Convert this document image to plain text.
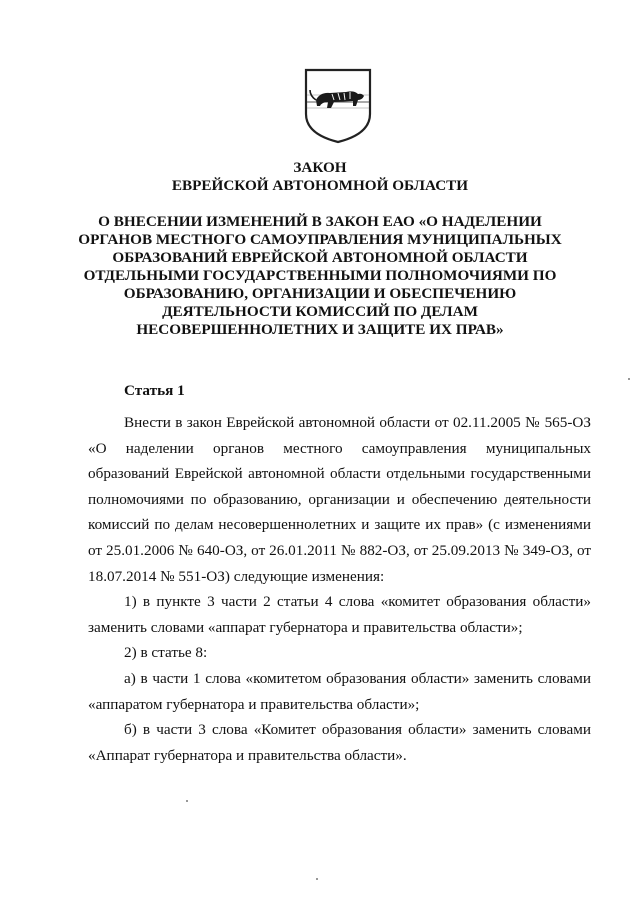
ЗАКОН
ЕВРЕЙСКОЙ АВТОНОМНОЙ ОБЛАСТИ
О ВНЕСЕНИИ ИЗМЕНЕНИЙ В ЗАКОН ЕАО «О НАДЕЛЕНИИ
ОРГАНОВ МЕСТНОГО САМОУПРАВЛЕНИЯ МУНИЦИПАЛЬНЫХ
ОБРАЗОВАНИЙ ЕВРЕЙСКОЙ АВТОНОМНОЙ ОБЛАСТИ
ОТДЕЛЬНЫМИ ГОСУДАРСТВЕННЫМИ ПОЛНОМОЧИЯМИ ПО
ОБРАЗОВАНИЮ, ОРГАНИЗАЦИИ И ОБЕСПЕЧЕНИЮ
ДЕЯТЕЛЬНОСТИ КОМИССИЙ ПО ДЕЛАМ
НЕСОВЕРШЕННОЛЕТНИХ И ЗАЩИТЕ ИХ ПРАВ»
Статья 1
Внести в закон Еврейской автономной области от 02.11.2005 № 565-ОЗ
«О наделении органов местного самоуправления муниципальных
образований Еврейской автономной области отдельными государственными
полномочиями по образованию, организации и обеспечению деятельности
комиссий по делам несовершеннолетних и защите их прав» (с изменениями
от 25.01.2006 № 640-ОЗ, от 26.01.2011 № 882-ОЗ, от 25.09.2013 № 349-ОЗ, от
18.07.2014 № 551-ОЗ) следующие изменения:
1) в пункте 3 части 2 статьи 4 слова «комитет образования области»
заменить словами «аппарат губернатора и правительства области»;
2) в статье 8:
а) в части 1 слова «комитетом образования области» заменить словами
«аппаратом губернатора и правительства области»;
б) в части 3 слова «Комитет образования области» заменить словами
«Аппарат губернатора и правительства области».
